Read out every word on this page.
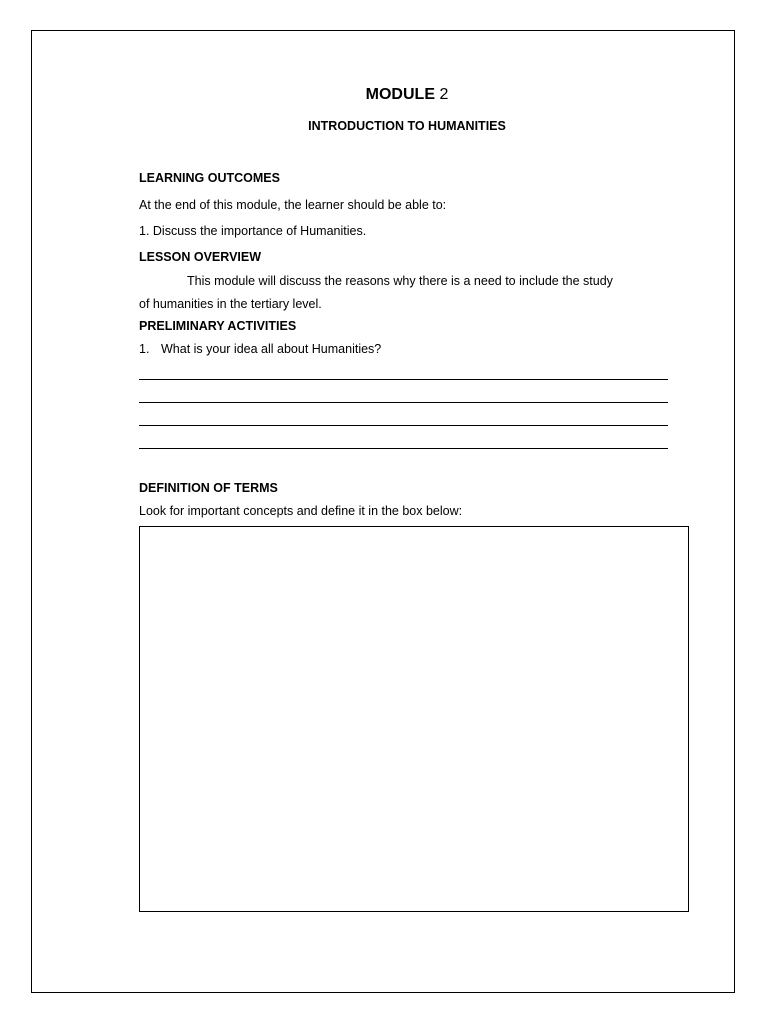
MODULE 2
INTRODUCTION TO HUMANITIES
LEARNING OUTCOMES
At the end of this module, the learner should be able to:
1. Discuss the importance of Humanities.
LESSON OVERVIEW
This module will discuss the reasons why there is a need to include the study
of humanities in the tertiary level.
PRELIMINARY ACTIVITIES
1. What is your idea all about Humanities?
DEFINITION OF TERMS
Look for important concepts and define it in the box below:
